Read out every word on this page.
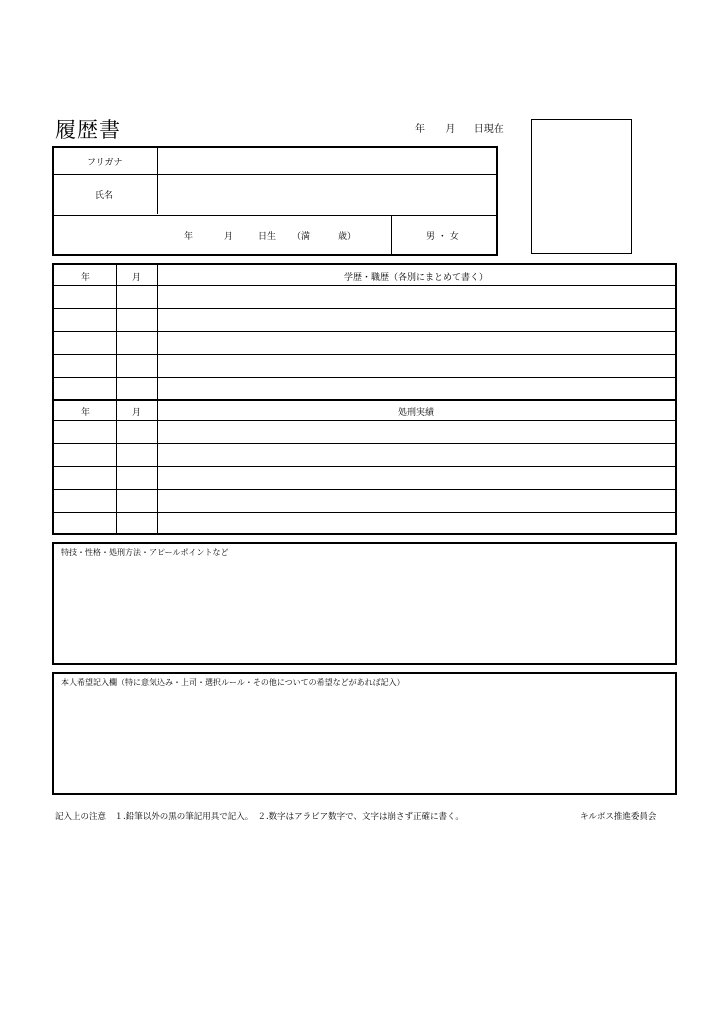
履歴書	年 月 日現在
フリガナ
氏名
年	月	日生 （満	歳）	男 ・ 女
年	月	学歴・職歴（各別にまとめて書く）
年	月	処刑実績
特技・性格・処刑方法・アピールポイントなど
本人希望記入欄（特に意気込み・上司・選択ルール・その他についての希望などがあれば記入）
記入上の注意　１.鉛筆以外の黒の筆記用具で記入。　２.数字はアラビア数字で、文字は崩さず正確に書く。	キルボス推進委員会
